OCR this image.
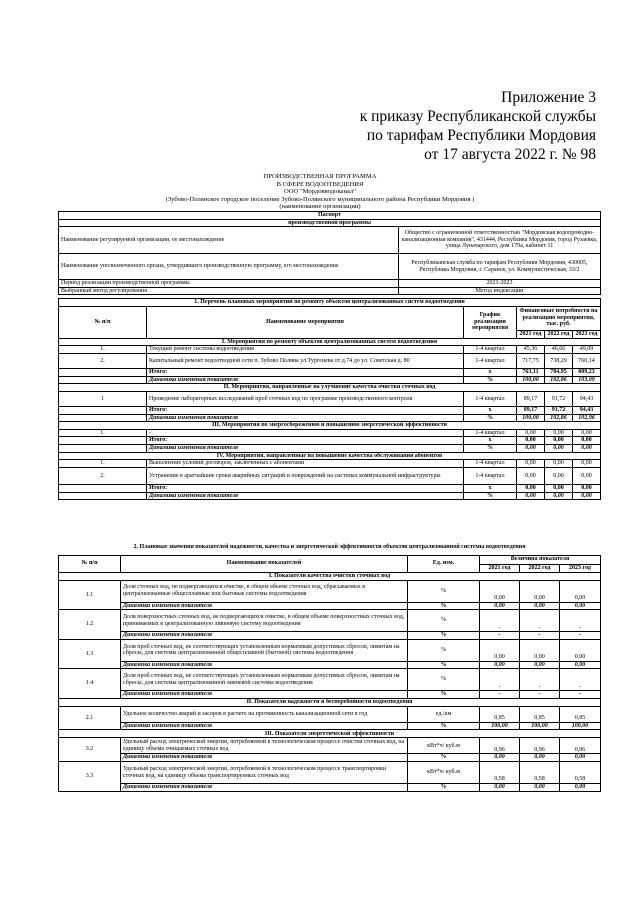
Приложение 3
к приказу Республиканской службы
по тарифам Республики Мордовия
от 17 августа 2022 г. № 98
ПРОИЗВОДСТВЕННАЯ ПРОГРАММА
В СФЕРЕ ВОДООТВЕДЕНИЯ
ООО "Мордовводоканал"
(Зубово-Полянское городское поселение Зубово-Полянского муниципального района Республики Мордовия )
(наименование организации)
Паспорт	
производственной программы	
Наименование регулируемой организации, ее местонахождение	Общество с ограниченной ответственностью "Мордовская водопроводно-канализационная компания", 431444, Республика Мордовия, город Рузаевка, улица Луначарского, дом 179а, кабинет 11
Наименование уполномоченного органа, утвердившего производственную программу, его местонахождение	Республиканская служба по тарифам Республики Мордовия, 430005, Республика Мордовия, г. Саранск, ул. Коммунистическая, 33/2
Период реализации производственной программы	2021-2023
Выбранный метод регулирования	Метод индексации
1. Перечень плановых мероприятий по ремонту объектов централизованных систем водоотведения					
№ п/п	Наименование мероприятия	График реализации мероприятия	Финансовые потребности на реализацию мероприятия, тыс. руб.		
			2021 год	2022 год	2023 год
I. Мероприятия по ремонту объектов централизованных систем водоотведения					
1.	Текущий ремонт системы водоотведения	1-4 квартал	45,36	46,66	49,09
2.	Капитальный ремонт водоотводной сети п. Зубово Поляна ул.Тургенева от д.74 до ул. Советская д. 80	1-4 квартал	717,75	738,29	760,14
	Итого:	x	763,11	784,95	809,23
	Динамика изменения показателя	%	100,00	102,86	103,09
II. Мероприятия, направленные на улучшение качества очистки сточных вод					
1	Проведение лабораторных исследований проб сточных вод по программе производственного контроля	1-4 квартал	89,17	91,72	94,43
	Итого:	x	89,17	91,72	94,43
	Динамика изменения показателя	%	100,00	102,86	102,96
III. Мероприятия по энергосбережению и повышению энергетической эффективности					
1.	-	1-4 квартал	0,00	0,00	0,00
	Итого:	x	0,00	0,00	0,00
	Динамика изменения показателя	%	0,00	0,00	0,00
IV. Мероприятия, направленные на повышение качества обслуживания абонентов					
1.	Выполнение условий договоров, заключенных с абонентами	1-4 квартал	0,00	0,00	0,00
2.	Устранение в аратчайшие сроки аварийных ситуаций и повреждений на системах коммунальной инфраструктуры	1-4 квартал	0,00	0,00	0,00
	Итого:	x	0,00	0,00	0,00
	Динамика изменения показателя	%	0,00	0,00	0,00
2. Плановые значения показателей надежности, качества и энергетической эффективности объектов централизованной системы водоотведения					
№ п/п	Наименование показателей	Ед. изм.	Величина показателя		
			2021 год	2022 год	2023 год
I. Показатели качества очистки сточных вод					
1.1	Доля сточных вод, не подвергающихся очистке, в общем объеме сточных вод, сбрасываемых в централизованные общесплавные или бытовые системы водоотведения	%	0,00	0,00	0,00
	Динамика изменения показателя	%	0,00	0,00	0,00
1.2	Доля поверхностных сточных вод, не подвергающихся очистке, в общем объеме поверхностных сточных вод, принимаемых в централизованную ливневую систему водоотведения	%	-	-	-
	Динамика изменения показателя	%	-	-	-
1.3	Доля проб сточных вод, не соответствующих установленным нормативам допустимых сбросов, лимитам на сбросы, для системы централизованной общесплавной (бытовой) системы водоотведения	%	0,00	0,00	0,00
	Динамика изменения показателя	%	0,00	0,00	0,00
1.4	Доля проб сточных вод, не соответствующих установленным нормативам допустимых сбросов, лимитам на сбросы, для системы централизованной ливневой системы водоотведения	%	-	-	-
	Динамика изменения показателя	%	-	-	-
II. Показатели надежности и бесперебойности водоотведения					
2.1	Удельное количество аварий и засоров в расчете на протяженность канализационной сети в год	ед./км	0,85	0,85	0,85
	Динамика изменения показателя	%	100,00	100,00	100,00
III. Показатели энергетической эффективности					
3.2	Удельный расход электрической энергии, потребляемой в технологическом процессе очистки сточных вод, на единицу объема очищаемых сточных вод	кВт*ч/ куб.м	0,96	0,96	0,96
	Динамика изменения показателя	%	0,00	0,00	0,00
3.3	Удельный расход электрической энергии, потребляемой в технологическом процессе транспортировки сточных вод, на единицу объема транспортируемых сточных вод	кВт*ч/ куб.м	0,58	0,58	0,58
	Динамика изменения показателя	%	0,00	0,00	0,00
